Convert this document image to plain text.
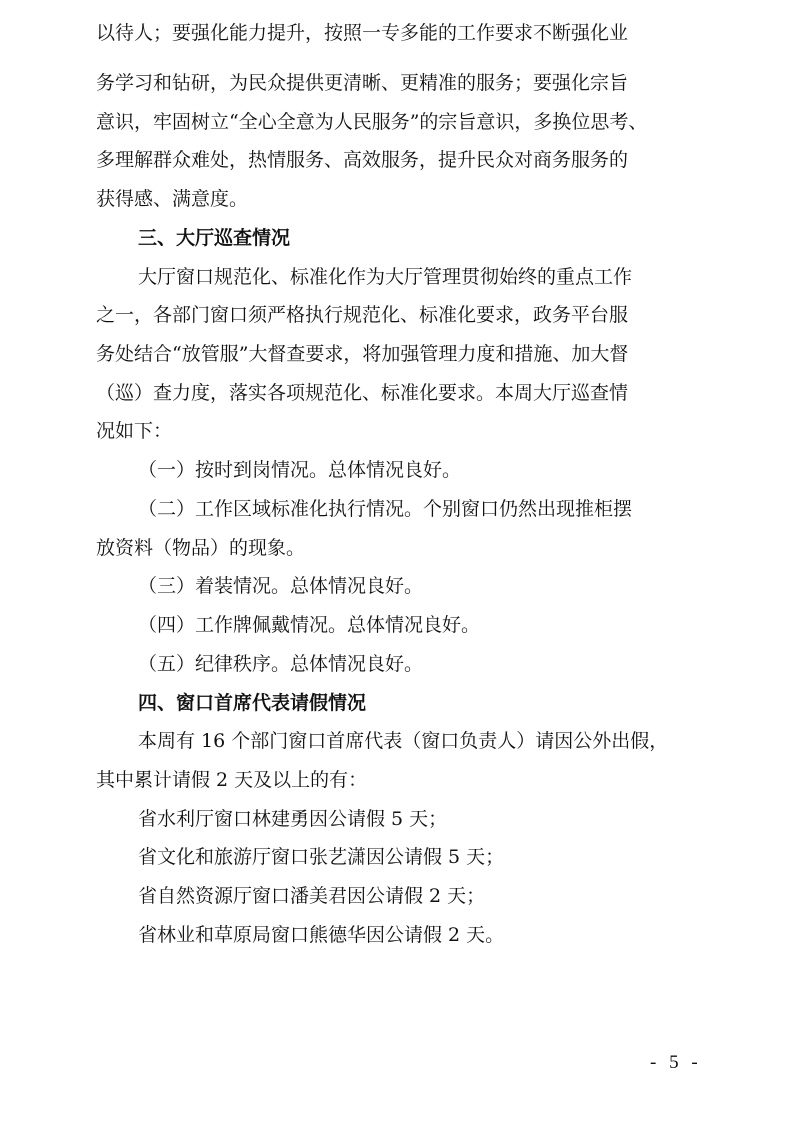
以待人；要强化能力提升，按照一专多能的工作要求不断强化业
务学习和钻研，为民众提供更清晰、更精准的服务；要强化宗旨
意识，牢固树立“全心全意为人民服务”的宗旨意识，多换位思考、
多理解群众难处，热情服务、高效服务，提升民众对商务服务的
获得感、满意度。
三、大厅巡查情况
大厅窗口规范化、标准化作为大厅管理贯彻始终的重点工作
之一，各部门窗口须严格执行规范化、标准化要求，政务平台服
务处结合“放管服”大督查要求，将加强管理力度和措施、加大督
（巡）查力度，落实各项规范化、标准化要求。本周大厅巡查情
况如下：
（一）按时到岗情况。总体情况良好。
（二）工作区域标准化执行情况。个别窗口仍然出现推柜摆
放资料（物品）的现象。
（三）着装情况。总体情况良好。
（四）工作牌佩戴情况。总体情况良好。
（五）纪律秩序。总体情况良好。
四、窗口首席代表请假情况
本周有 16 个部门窗口首席代表（窗口负责人）请因公外出假，
其中累计请假 2 天及以上的有：
省水利厅窗口林建勇因公请假 5 天；
省文化和旅游厅窗口张艺潇因公请假 5 天；
省自然资源厅窗口潘美君因公请假 2 天；
省林业和草原局窗口熊德华因公请假 2 天。
- 5 -
